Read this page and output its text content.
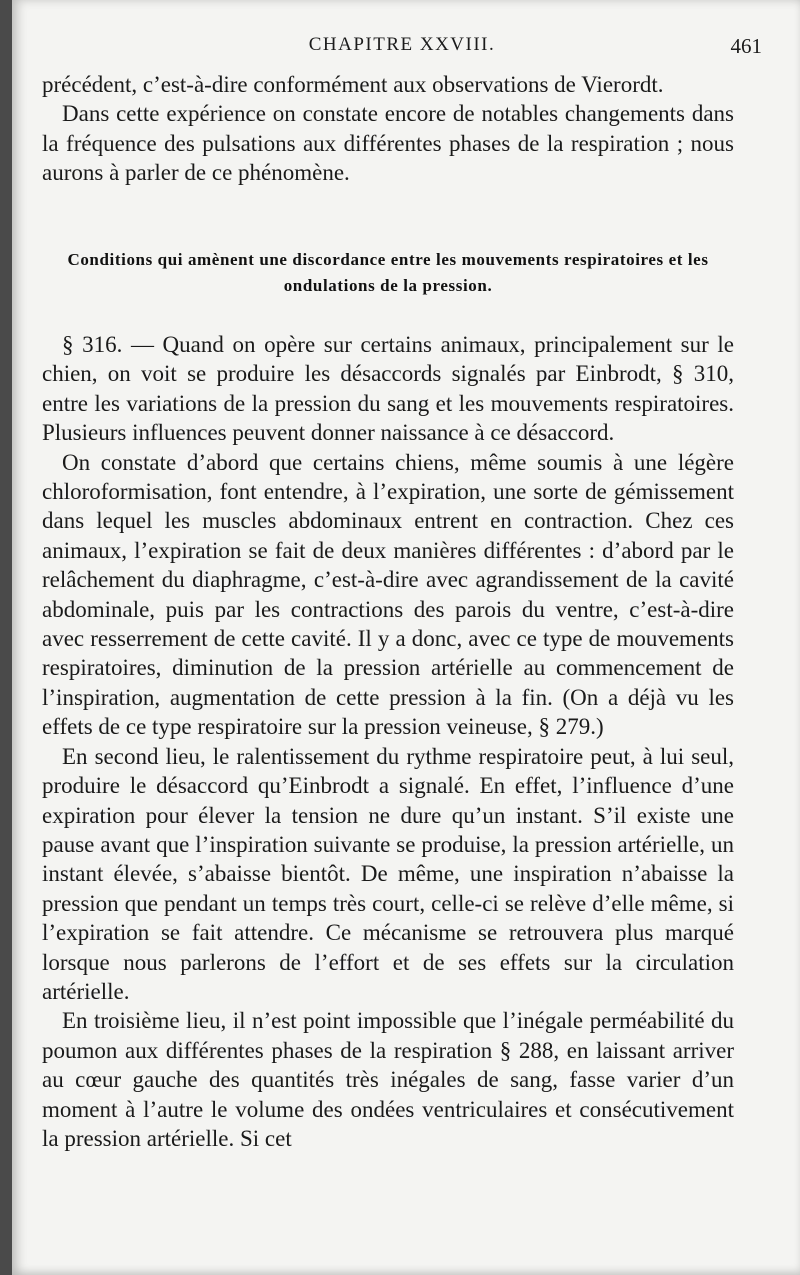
CHAPITRE XXVIII.	461

précédent, c’est-à-dire conformément aux observations de Vierordt.

Dans cette expérience on constate encore de notables changements dans la fréquence des pulsations aux différentes phases de la respiration ; nous aurons à parler de ce phénomène.

Conditions qui amènent une discordance entre les mouvements respiratoires et les ondulations de la pression.

§ 316. — Quand on opère sur certains animaux, principalement sur le chien, on voit se produire les désaccords signalés par Einbrodt, § 310, entre les variations de la pression du sang et les mouvements respiratoires. Plusieurs influences peuvent donner naissance à ce désaccord.

On constate d’abord que certains chiens, même soumis à une légère chloroformisation, font entendre, à l’expiration, une sorte de gémissement dans lequel les muscles abdominaux entrent en contraction. Chez ces animaux, l’expiration se fait de deux manières différentes : d’abord par le relâchement du diaphragme, c’est-à-dire avec agrandissement de la cavité abdominale, puis par les contractions des parois du ventre, c’est-à-dire avec resserrement de cette cavité. Il y a donc, avec ce type de mouvements respiratoires, diminution de la pression artérielle au commencement de l’inspiration, augmentation de cette pression à la fin. (On a déjà vu les effets de ce type respiratoire sur la pression veineuse, § 279.)

En second lieu, le ralentissement du rythme respiratoire peut, à lui seul, produire le désaccord qu’Einbrodt a signalé. En effet, l’influence d’une expiration pour élever la tension ne dure qu’un instant. S’il existe une pause avant que l’inspiration suivante se produise, la pression artérielle, un instant élevée, s’abaisse bientôt. De même, une inspiration n’abaisse la pression que pendant un temps très court, celle-ci se relève d’elle même, si l’expiration se fait attendre. Ce mécanisme se retrouvera plus marqué lorsque nous parlerons de l’effort et de ses effets sur la circulation artérielle.

En troisième lieu, il n’est point impossible que l’inégale perméabilité du poumon aux différentes phases de la respiration § 288, en laissant arriver au cœur gauche des quantités très inégales de sang, fasse varier d’un moment à l’autre le volume des ondées ventriculaires et consécutivement la pression artérielle. Si cet
